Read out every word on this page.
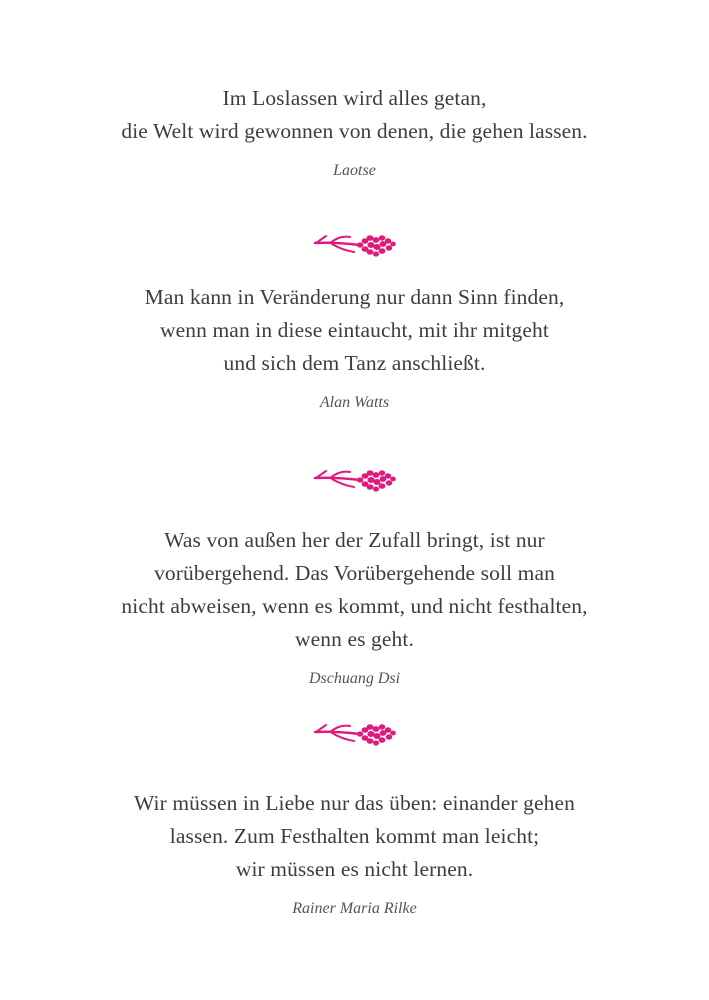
Im Loslassen wird alles getan,
die Welt wird gewonnen von denen, die gehen lassen.
Laotse
Man kann in Veränderung nur dann Sinn finden,
wenn man in diese eintaucht, mit ihr mitgeht
und sich dem Tanz anschließt.
Alan Watts
Was von außen her der Zufall bringt, ist nur
vorübergehend. Das Vorübergehende soll man
nicht abweisen, wenn es kommt, und nicht festhalten,
wenn es geht.
Dschuang Dsi
Wir müssen in Liebe nur das üben: einander gehen
lassen. Zum Festhalten kommt man leicht;
wir müssen es nicht lernen.
Rainer Maria Rilke
